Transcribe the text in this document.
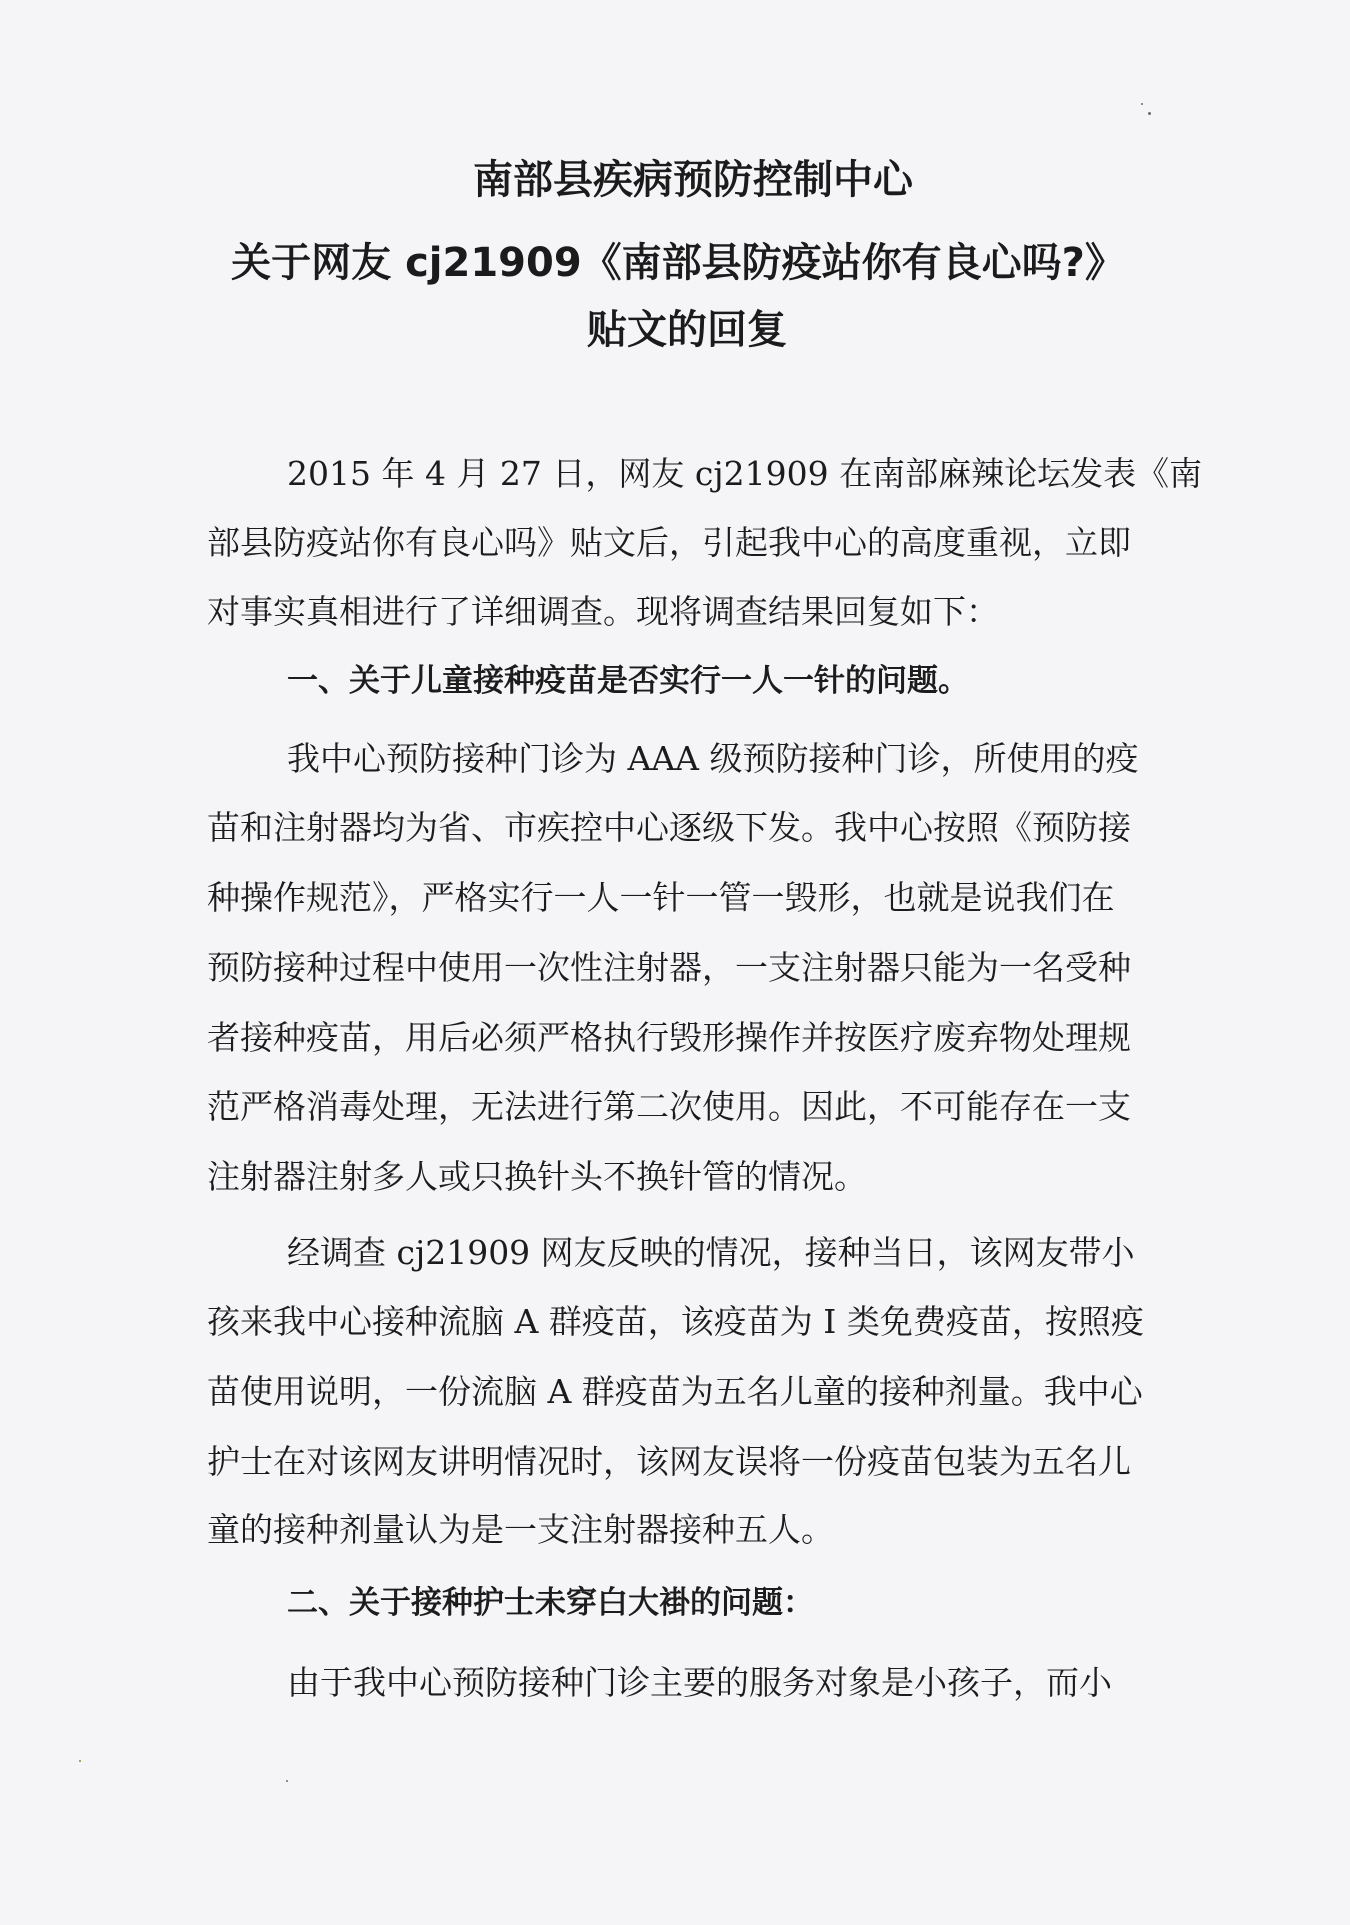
南部县疾病预防控制中心
关于网友 cj21909《南部县防疫站你有良心吗?》
贴文的回复
2015 年 4 月 27 日，网友 cj21909 在南部麻辣论坛发表《南
部县防疫站你有良心吗》贴文后，引起我中心的高度重视，立即
对事实真相进行了详细调查。现将调查结果回复如下：
一、关于儿童接种疫苗是否实行一人一针的问题。
我中心预防接种门诊为 AAA 级预防接种门诊，所使用的疫
苗和注射器均为省、市疾控中心逐级下发。我中心按照《预防接
种操作规范》，严格实行一人一针一管一毁形，也就是说我们在
预防接种过程中使用一次性注射器，一支注射器只能为一名受种
者接种疫苗，用后必须严格执行毁形操作并按医疗废弃物处理规
范严格消毒处理，无法进行第二次使用。因此，不可能存在一支
注射器注射多人或只换针头不换针管的情况。
经调查 cj21909 网友反映的情况，接种当日，该网友带小
孩来我中心接种流脑 A 群疫苗，该疫苗为 I 类免费疫苗，按照疫
苗使用说明，一份流脑 A 群疫苗为五名儿童的接种剂量。我中心
护士在对该网友讲明情况时，该网友误将一份疫苗包装为五名儿
童的接种剂量认为是一支注射器接种五人。
二、关于接种护士未穿白大褂的问题：
由于我中心预防接种门诊主要的服务对象是小孩子，而小
